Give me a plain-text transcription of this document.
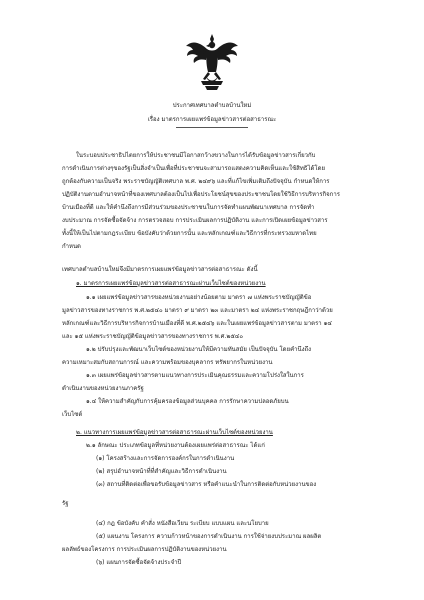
ประกาศเทศบาลตำบลบ้านใหม่
เรื่อง มาตรการเผยแพร่ข้อมูลข่าวสารต่อสาธารณะ
ในระบอบประชาธิปไตยการให้ประชาชนมีโอกาสกว้างขวางในการได้รับข้อมูลข่าวสารเกี่ยวกับ
การดำเนินการต่างๆของรัฐเป็นสิ่งจำเป็นเพื่อที่ประชาชนจะสามารถแสดงความคิดเห็นและใช้สิทธิได้โดย
ถูกต้องกับความเป็นจริง พระราชบัญญัติเทศบาล พ.ศ. ๒๔๙๖ และที่แก้ไขเพิ่มเติมถึงปัจจุบัน กำหนดให้การ
ปฏิบัติงานตามอำนาจหน้าที่ของเทศบาลต้องเป็นไปเพื่อประโยชน์สุขของประชาชนโดยใช้วิธีการบริหารกิจการ
บ้านเมืองที่ดี และให้คำนึงถึงการมีส่วนร่วมของประชาชนในการจัดทำแผนพัฒนาเทศบาล การจัดทำ
งบประมาณ การจัดซื้อจัดจ้าง การตรวจสอบ การประเมินผลการปฏิบัติงาน และการเปิดเผยข้อมูลข่าวสาร
ทั้งนี้ให้เป็นไปตามกฎระเบียบ ข้อบังคับว่าด้วยการนั้น และหลักเกณฑ์และวิธีการที่กระทรวงมหาดไทย
กำหนด
เทศบาลตำบลบ้านใหม่จึงมีมาตรการเผยแพร่ข้อมูลข่าวสารต่อสาธารณะ ดังนี้
๑. มาตรการเผยแพร่ข้อมูลข่าวสารต่อสาธารณะผ่านเว็บไซต์ของหน่วยงาน
๑.๑ เผยแพร่ข้อมูลข่าวสารของหน่วยงานอย่างน้อยตาม มาตรา ๗ แห่งพระราชบัญญัติข้อ
มูลข่าวสารของทางราชการ พ.ศ.๒๕๔๐ มาตรา ๙ มาตรา ๒๓ และมาตรา ๒๔ แห่งพระราชกฤษฎีกาว่าด้วย
หลักเกณฑ์และวิธีการบริหารกิจการบ้านเมืองที่ดี พ.ศ.๒๕๔๖ และในเผยแพร่ข้อมูลข่าวสารตาม มาตรา ๑๔
และ ๑๕ แห่งพระราชบัญญัติข้อมูลข่าวสารของทางราชการ พ.ศ.๒๕๔๐
๑.๒ ปรับปรุงและพัฒนาเว็บไซต์ของหน่วยงานให้มีความทันสมัย เป็นปัจจุบัน โดยคำนึงถึง
ความเหมาะสมกับสถานการณ์ และความพร้อมของบุคลากร ทรัพยากรในหน่วยงาน
๑.๓ เผยแพร่ข้อมูลข่าวสารตามแนวทางการประเมินคุณธรรมและความโปร่งใสในการ
ดำเนินงานของหน่วยงานภาครัฐ
๑.๔ ให้ความสำคัญกับการคุ้มครองข้อมูลส่วนบุคคล การรักษาความปลอดภัยบน
เว็บไซต์
๒. แนวทางการเผยแพร่ข้อมูลข่าวสารต่อสาธารณะผ่านเว็บไซต์ของหน่วยงาน
๒.๑ ลักษณะ ประเภทข้อมูลที่หน่วยงานต้องเผยแพร่ต่อสาธารณะ ได้แก่
(๑) โครงสร้างและการจัดการองค์กรในการดำเนินงาน
(๒) สรุปอำนาจหน้าที่ที่สำคัญและวิธีการดำเนินงาน
(๓) สถานที่ติดต่อเพื่อขอรับข้อมูลข่าวสาร หรือคำแนะนำในการติดต่อกับหน่วยงานของ
รัฐ
(๔) กฎ ข้อบังคับ คำสั่ง หนังสือเวียน ระเบียบ แบบแผน และนโยบาย
(๕) แผนงาน โครงการ ความก้าวหน้าของการดำเนินงาน การใช้จ่ายงบประมาณ ผลผลิต
ผลลัพธ์ของโครงการ การประเมินผลการปฏิบัติงานของหน่วยงาน
(๖) แผนการจัดซื้อจัดจ้างประจำปี
